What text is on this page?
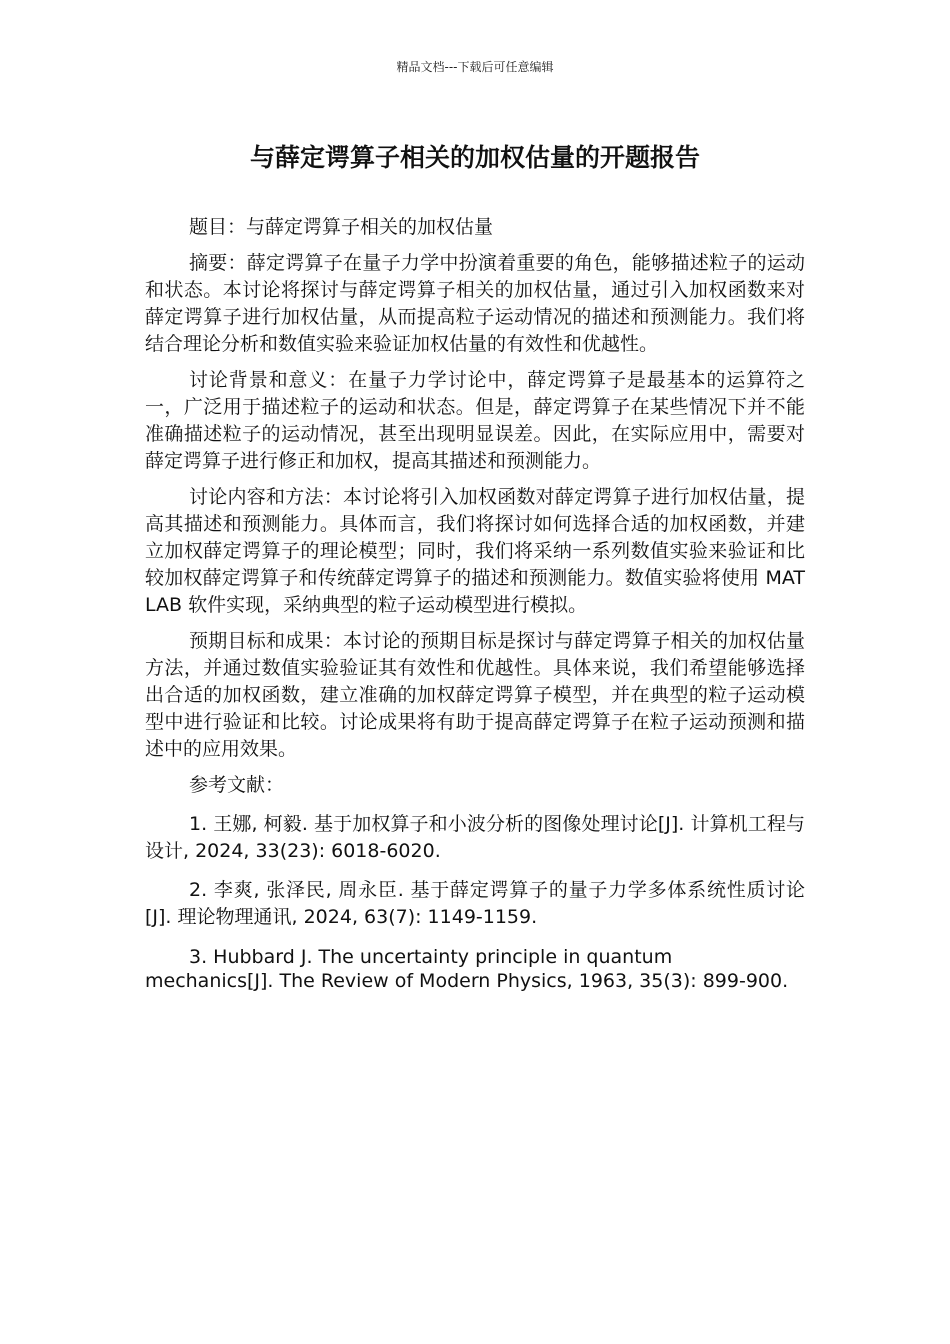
精品文档---下载后可任意编辑
与薛定谔算子相关的加权估量的开题报告

题目：与薛定谔算子相关的加权估量

摘要：薛定谔算子在量子力学中扮演着重要的角色，能够描述粒子的运动和状态。本讨论将探讨与薛定谔算子相关的加权估量，通过引入加权函数来对薛定谔算子进行加权估量，从而提高粒子运动情况的描述和预测能力。我们将结合理论分析和数值实验来验证加权估量的有效性和优越性。

讨论背景和意义：在量子力学讨论中，薛定谔算子是最基本的运算符之一，广泛用于描述粒子的运动和状态。但是，薛定谔算子在某些情况下并不能准确描述粒子的运动情况，甚至出现明显误差。因此，在实际应用中，需要对薛定谔算子进行修正和加权，提高其描述和预测能力。

讨论内容和方法：本讨论将引入加权函数对薛定谔算子进行加权估量，提高其描述和预测能力。具体而言，我们将探讨如何选择合适的加权函数，并建立加权薛定谔算子的理论模型；同时，我们将采纳一系列数值实验来验证和比较加权薛定谔算子和传统薛定谔算子的描述和预测能力。数值实验将使用 MATLAB 软件实现，采纳典型的粒子运动模型进行模拟。

预期目标和成果：本讨论的预期目标是探讨与薛定谔算子相关的加权估量方法，并通过数值实验验证其有效性和优越性。具体来说，我们希望能够选择出合适的加权函数，建立准确的加权薛定谔算子模型，并在典型的粒子运动模型中进行验证和比较。讨论成果将有助于提高薛定谔算子在粒子运动预测和描述中的应用效果。

参考文献：

1. 王娜, 柯毅. 基于加权算子和小波分析的图像处理讨论[J]. 计算机工程与设计, 2024, 33(23): 6018-6020.

2. 李爽, 张泽民, 周永臣. 基于薛定谔算子的量子力学多体系统性质讨论[J]. 理论物理通讯, 2024, 63(7): 1149-1159.

3. Hubbard J. The uncertainty principle in quantum mechanics[J]. The Review of Modern Physics, 1963, 35(3): 899-900.
